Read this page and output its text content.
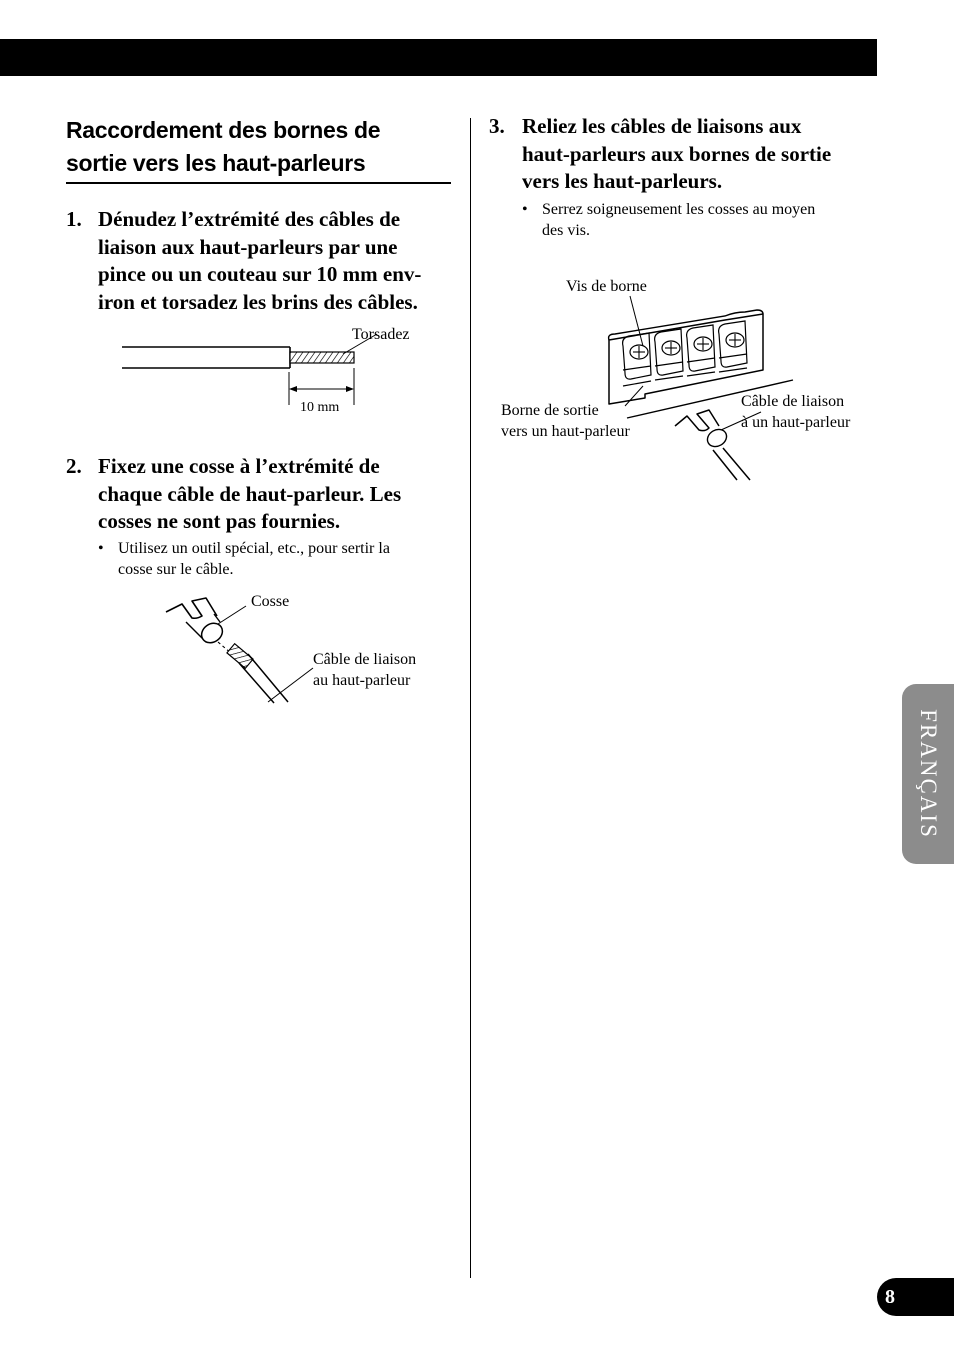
Raccordement des bornes de
sortie vers les haut-parleurs
1. Dénudez l’extrémité des câbles de
liaison aux haut-parleurs par une
pince ou un couteau sur 10 mm env-
iron et torsadez les brins des câbles.
Torsadez
10 mm
2. Fixez une cosse à l’extrémité de
chaque câble de haut-parleur. Les
cosses ne sont pas fournies.
• Utilisez un outil spécial, etc., pour sertir la
cosse sur le câble.
Cosse
Câble de liaison
au haut-parleur
3. Reliez les câbles de liaisons aux
haut-parleurs aux bornes de sortie
vers les haut-parleurs.
• Serrez soigneusement les cosses au moyen
des vis.
Vis de borne
Borne de sortie
vers un haut-parleur
Câble de liaison
à un haut-parleur
FRANÇAIS
8
